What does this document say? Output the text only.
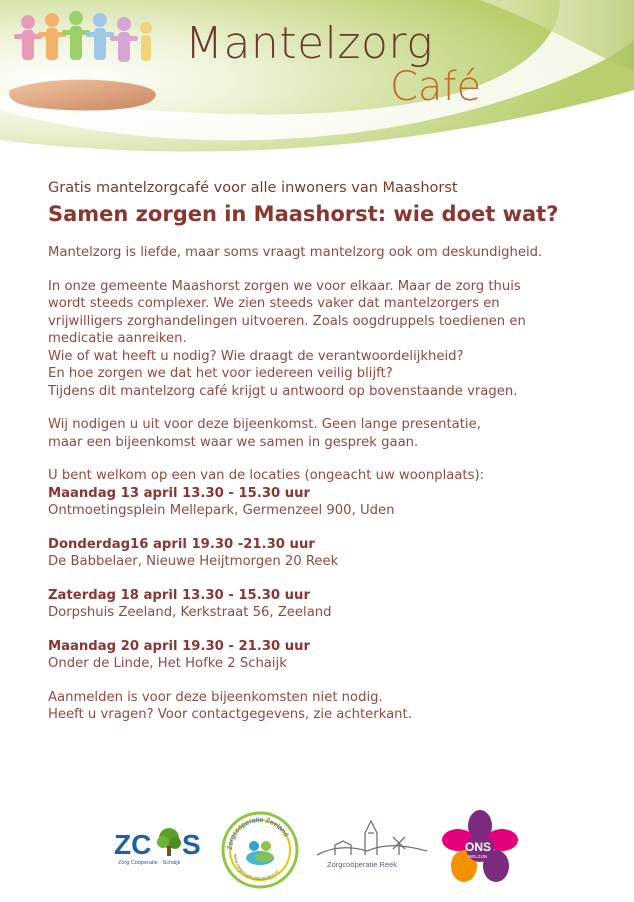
Mantelzorg
Café

Gratis mantelzorgcafé voor alle inwoners van Maashorst

Samen zorgen in Maashorst: wie doet wat?

Mantelzorg is liefde, maar soms vraagt mantelzorg ook om deskundigheid.

In onze gemeente Maashorst zorgen we voor elkaar. Maar de zorg thuis

wordt steeds complexer. We zien steeds vaker dat mantelzorgers en

vrijwilligers zorghandelingen uitvoeren. Zoals oogdruppels toedienen en

medicatie aanreiken.

Wie of wat heeft u nodig? Wie draagt de verantwoordelijkheid?

En hoe zorgen we dat het voor iedereen veilig blijft?

Tijdens dit mantelzorg café krijgt u antwoord op bovenstaande vragen.

Wij nodigen u uit voor deze bijeenkomst. Geen lange presentatie,

maar een bijeenkomst waar we samen in gesprek gaan.

U bent welkom op een van de locaties (ongeacht uw woonplaats):

Maandag 13 april 13.30 - 15.30 uur
Ontmoetingsplein Mellepark, Germenzeel 900, Uden
Donderdag16 april 19.30 -21.30 uur
De Babbelaer, Nieuwe Heijtmorgen 20 Reek
Zaterdag 18 april 13.30 - 15.30 uur
Dorpshuis Zeeland, Kerkstraat 56, Zeeland
Maandag 20 april 19.30 - 21.30 uur
Onder de Linde, Het Hofke 2 Schaijk

Aanmelden is voor deze bijeenkomsten niet nodig.

Heeft u vragen? Voor contactgegevens, zie achterkant.

ZC S
Zorg Coöperatie · Schaijk
Zorgcoöperatie Zeeland
www.zorgcooperatiezeeland.nl
Zorgcoöperatie Reek
ONS
WELZIJN
